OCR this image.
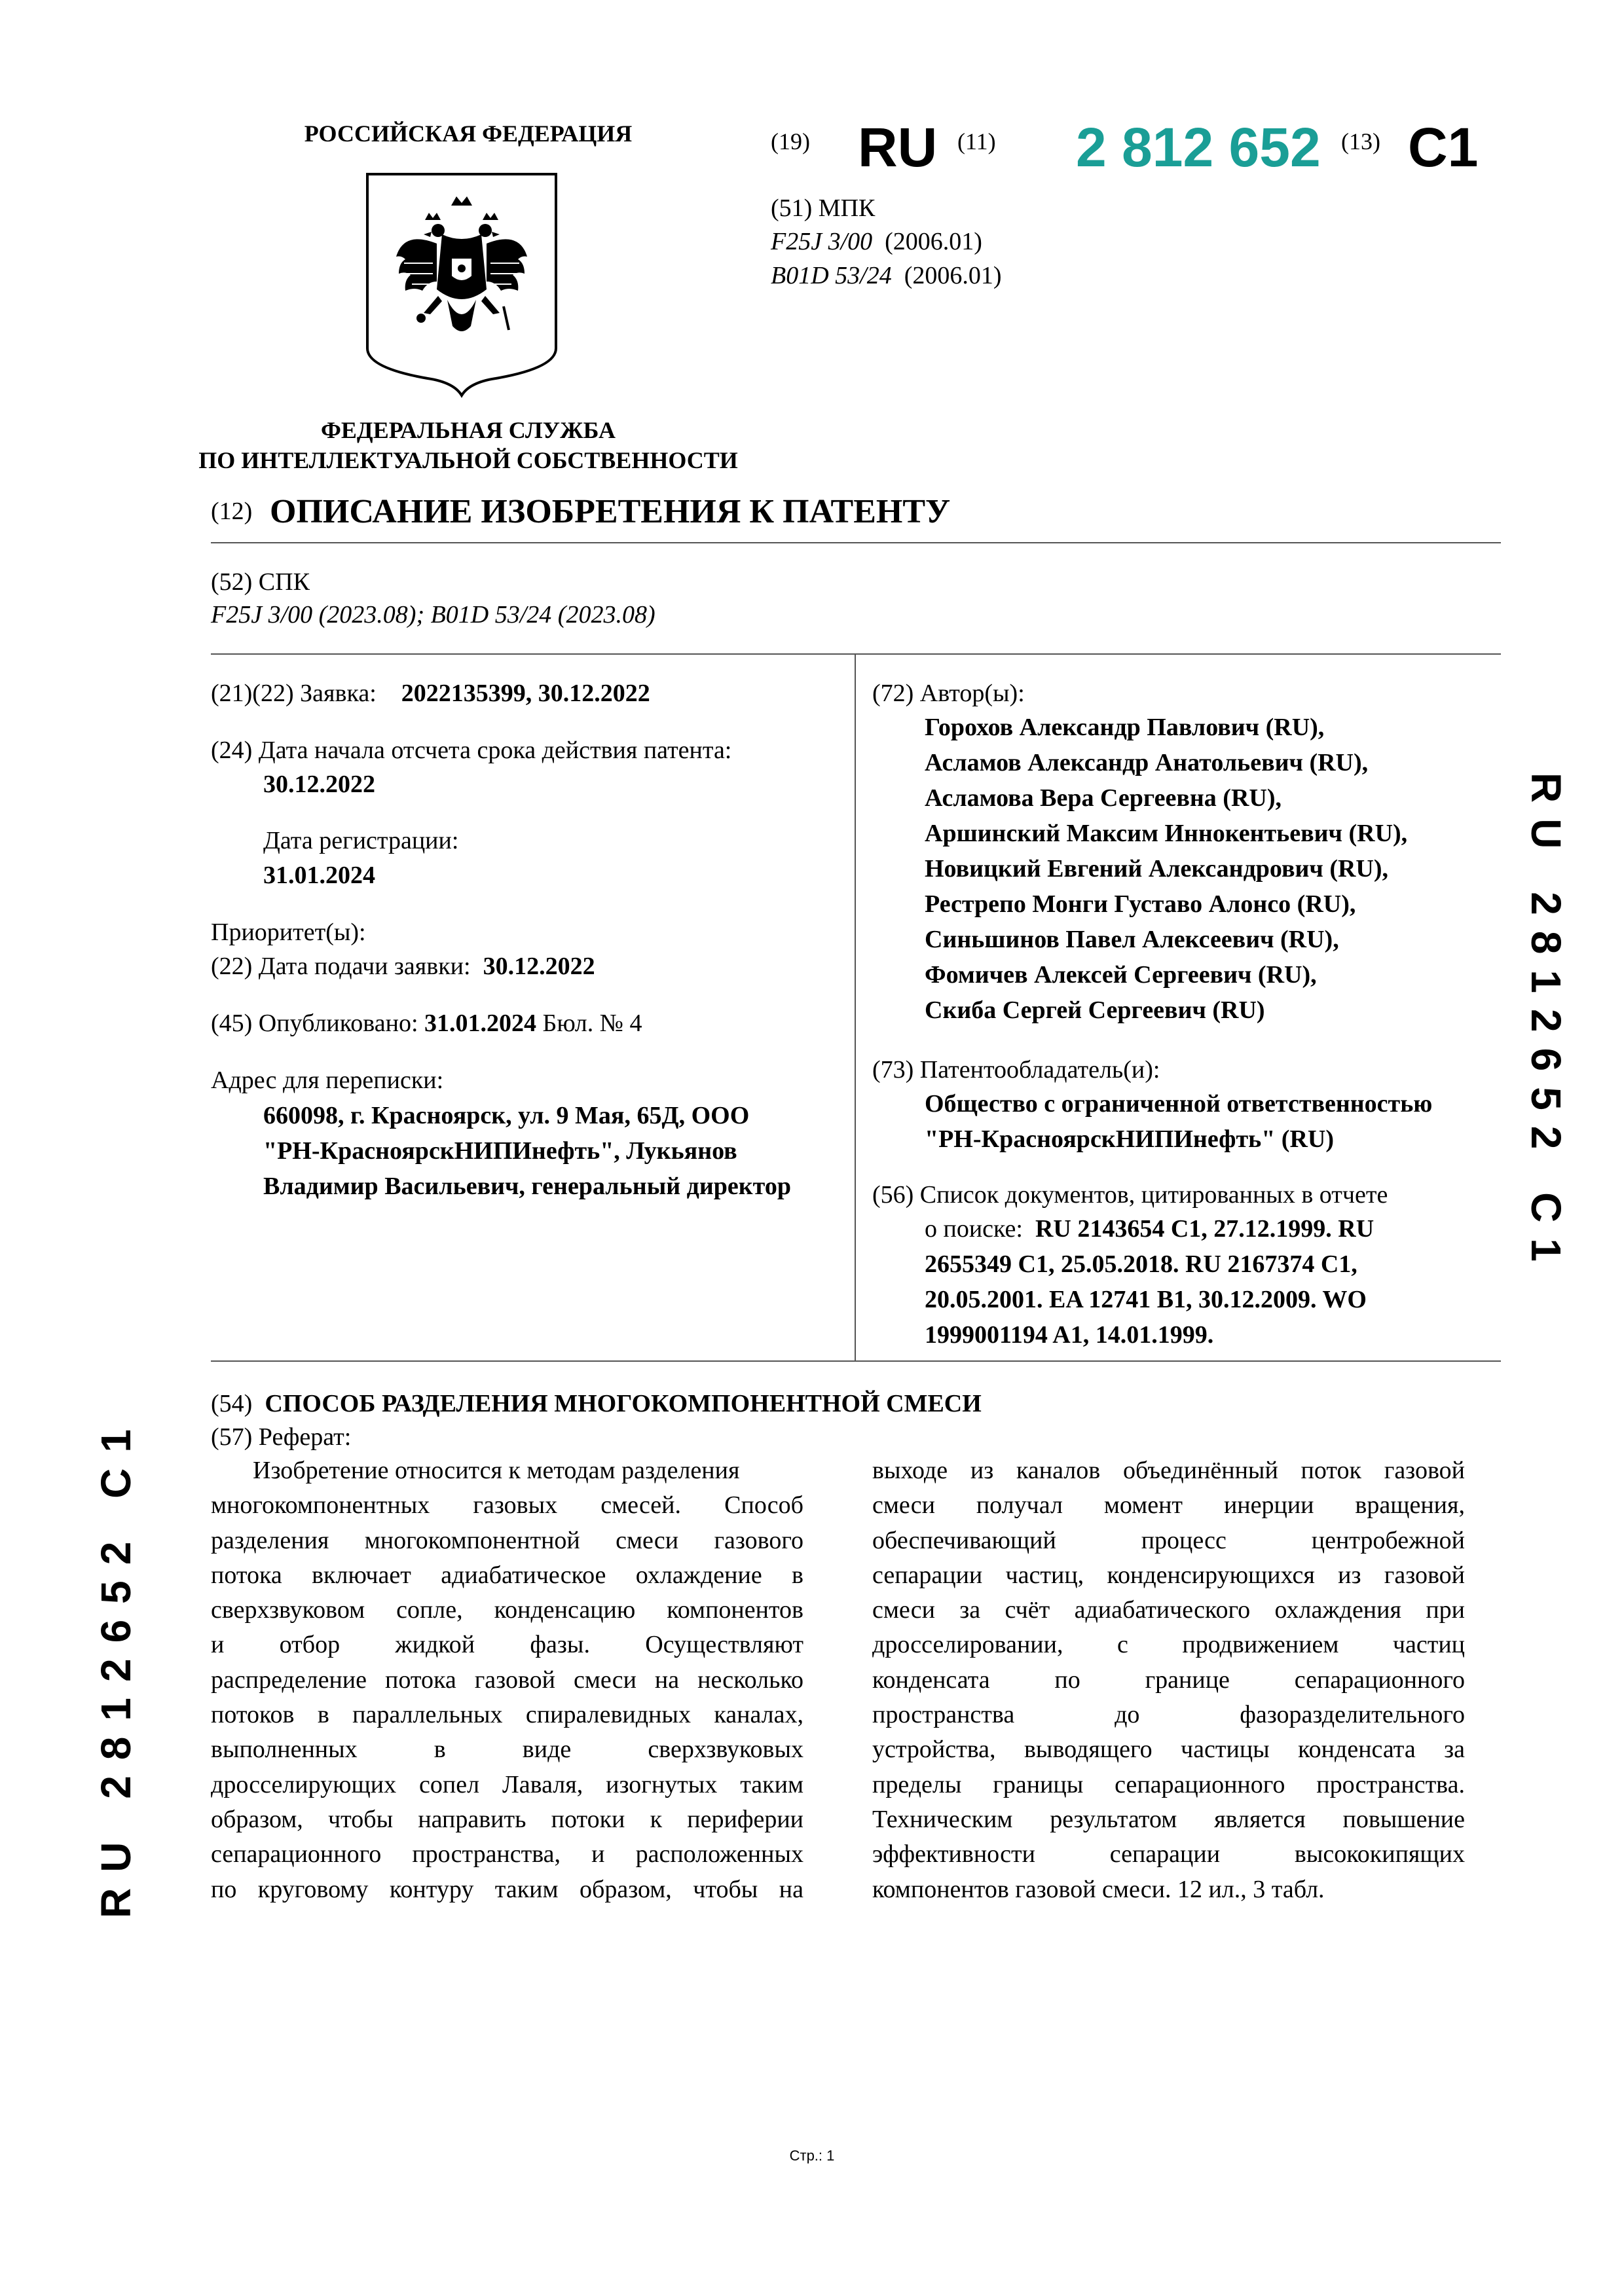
РОССИЙСКАЯ ФЕДЕРАЦИЯ
ФЕДЕРАЛЬНАЯ СЛУЖБА
ПО ИНТЕЛЛЕКТУАЛЬНОЙ СОБСТВЕННОСТИ
(19) RU (11) 2 812 652 (13) C1
(51) МПК
F25J 3/00 (2006.01)
B01D 53/24 (2006.01)
(12) ОПИСАНИЕ ИЗОБРЕТЕНИЯ К ПАТЕНТУ
(52) СПК
F25J 3/00 (2023.08); B01D 53/24 (2023.08)
(21)(22) Заявка: 2022135399, 30.12.2022
(24) Дата начала отсчета срока действия патента:
30.12.2022
Дата регистрации:
31.01.2024
Приоритет(ы):
(22) Дата подачи заявки: 30.12.2022
(45) Опубликовано: 31.01.2024 Бюл. № 4
Адрес для переписки:
660098, г. Красноярск, ул. 9 Мая, 65Д, ООО
"РН-КрасноярскНИПИнефть", Лукьянов
Владимир Васильевич, генеральный директор
(72) Автор(ы):
Горохов Александр Павлович (RU),
Асламов Александр Анатольевич (RU),
Асламова Вера Сергеевна (RU),
Аршинский Максим Иннокентьевич (RU),
Новицкий Евгений Александрович (RU),
Рестрепо Монги Густаво Алонсо (RU),
Синьшинов Павел Алексеевич (RU),
Фомичев Алексей Сергеевич (RU),
Скиба Сергей Сергеевич (RU)
(73) Патентообладатель(и):
Общество с ограниченной ответственностью
"РН-КрасноярскНИПИнефть" (RU)
(56) Список документов, цитированных в отчете
о поиске: RU 2143654 C1, 27.12.1999. RU
2655349 C1, 25.05.2018. RU 2167374 C1,
20.05.2001. EA 12741 B1, 30.12.2009. WO
1999001194 A1, 14.01.1999.
(54) СПОСОБ РАЗДЕЛЕНИЯ МНОГОКОМПОНЕНТНОЙ СМЕСИ
(57) Реферат:

Изобретение относится к методам разделения

многокомпонентных газовых смесей. Способ

разделения многокомпонентной смеси газового

потока включает адиабатическое охлаждение в

сверхзвуковом сопле, конденсацию компонентов

и отбор жидкой фазы. Осуществляют

распределение потока газовой смеси на несколько

потоков в параллельных спиралевидных каналах,

выполненных в виде сверхзвуковых

дросселирующих сопел Лаваля, изогнутых таким

образом, чтобы направить потоки к периферии

сепарационного пространства, и расположенных

по круговому контуру таким образом, чтобы на

выходе из каналов объединённый поток газовой

смеси получал момент инерции вращения,

обеспечивающий процесс центробежной

сепарации частиц, конденсирующихся из газовой

смеси за счёт адиабатического охлаждения при

дросселировании, с продвижением частиц

конденсата по границе сепарационного

пространства до фазоразделительного

устройства, выводящего частицы конденсата за

пределы границы сепарационного пространства.

Техническим результатом является повышение

эффективности сепарации высококипящих

компонентов газовой смеси. 12 ил., 3 табл.

RU 2812652 C1
RU 2812652 C1
Стр.: 1
